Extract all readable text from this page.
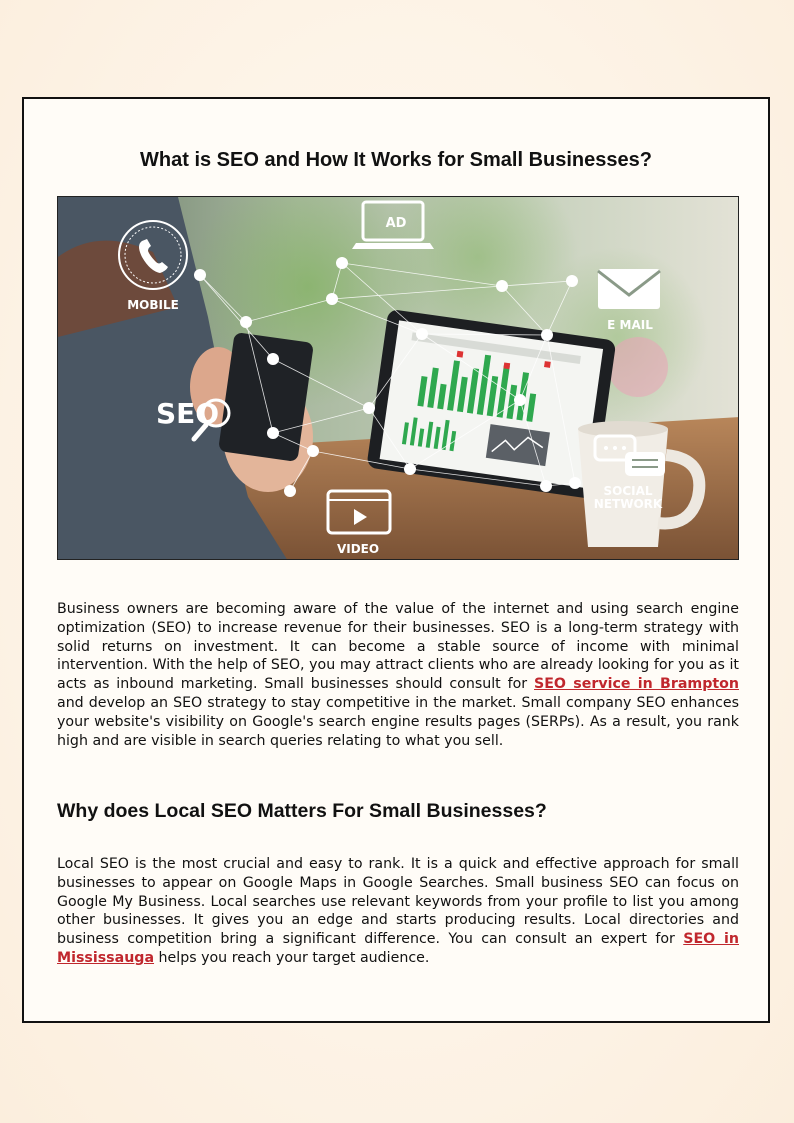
What is SEO and How It Works for Small Businesses?
AD
MOBILE
E MAIL
SEO
SOCIAL
NETWORK
VIDEO

Business owners are becoming aware of the value of the internet and using search engine optimization (SEO) to increase revenue for their businesses. SEO is a long-term strategy with solid returns on investment. It can become a stable source of income with minimal intervention. With the help of SEO, you may attract clients who are already looking for you as it acts as inbound marketing. Small businesses should consult for SEO service in Brampton and develop an SEO strategy to stay competitive in the market. Small company SEO enhances your website's visibility on Google's search engine results pages (SERPs). As a result, you rank high and are visible in search queries relating to what you sell.

Why does Local SEO Matters For Small Businesses?

Local SEO is the most crucial and easy to rank. It is a quick and effective approach for small businesses to appear on Google Maps in Google Searches. Small business SEO can focus on Google My Business. Local searches use relevant keywords from your profile to list you among other businesses. It gives you an edge and starts producing results. Local directories and business competition bring a significant difference. You can consult an expert for SEO in Mississauga helps you reach your target audience.
